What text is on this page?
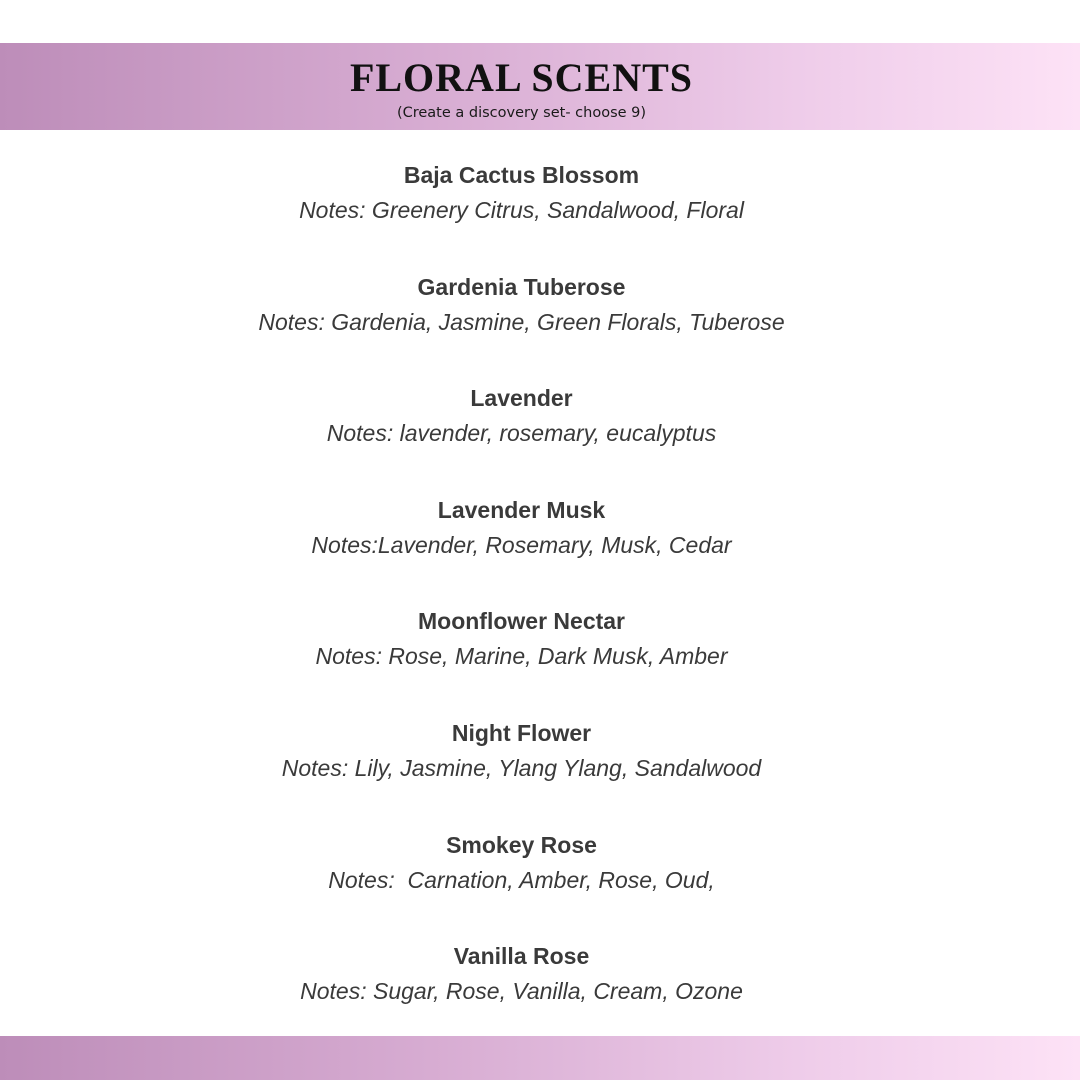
FLORAL SCENTS
(Create a discovery set- choose 9)
Baja Cactus Blossom
Notes: Greenery Citrus, Sandalwood, Floral
Gardenia Tuberose
Notes: Gardenia, Jasmine, Green Florals, Tuberose
Lavender
Notes: lavender, rosemary, eucalyptus
Lavender Musk
Notes:Lavender, Rosemary, Musk, Cedar
Moonflower Nectar
Notes: Rose, Marine, Dark Musk, Amber
Night Flower
Notes: Lily, Jasmine, Ylang Ylang, Sandalwood
Smokey Rose
Notes:  Carnation, Amber, Rose, Oud,
Vanilla Rose
Notes: Sugar, Rose, Vanilla, Cream, Ozone
